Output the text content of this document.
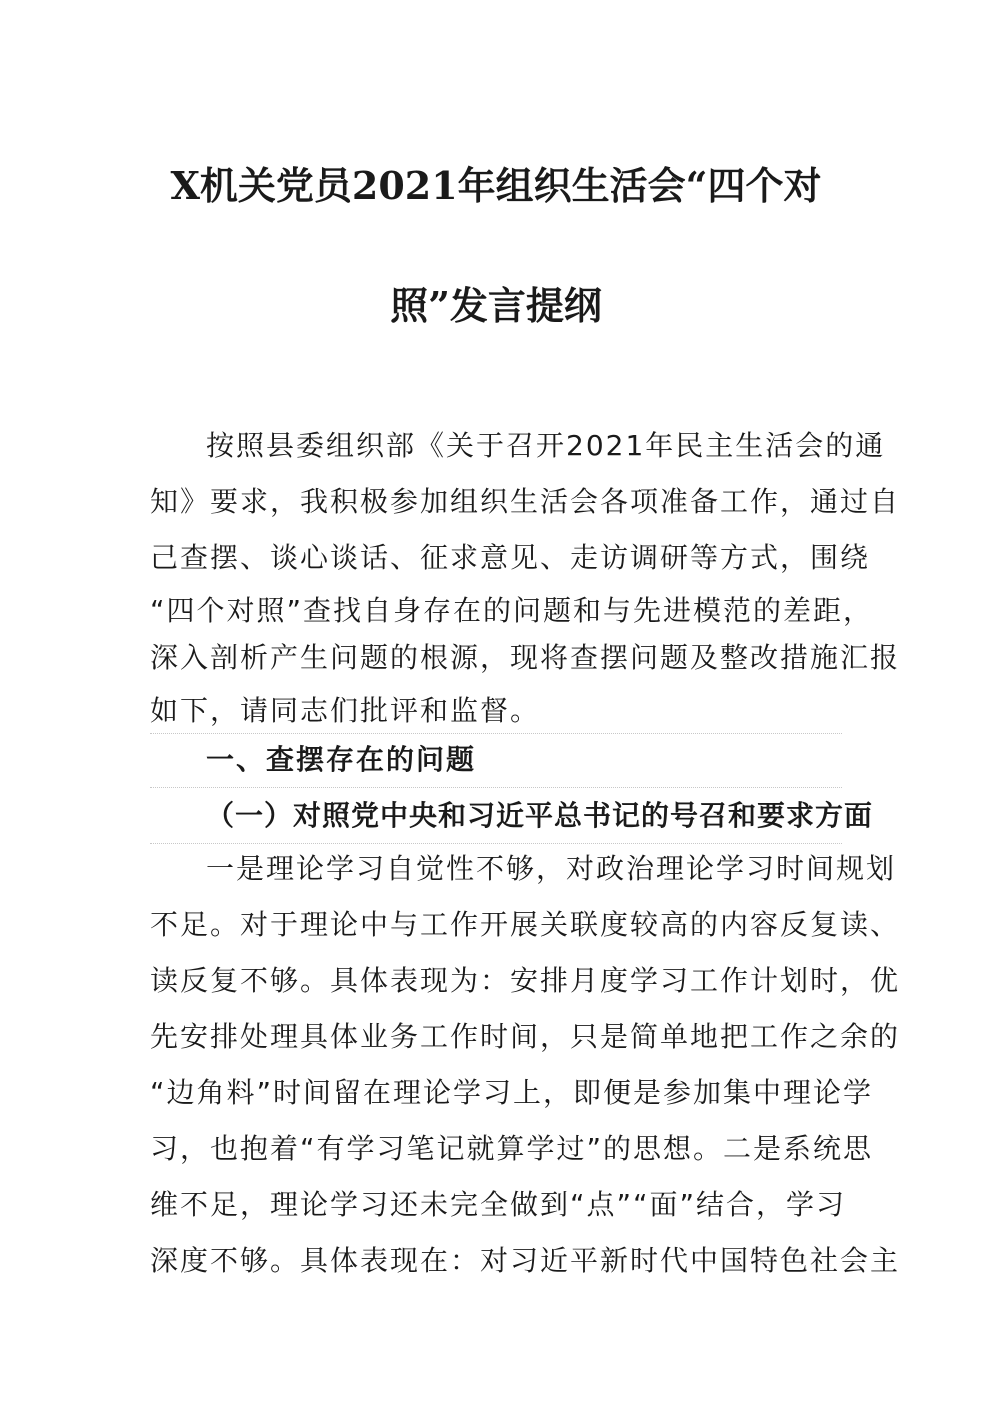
X机关党员2021年组织生活会“四个对
照”发言提纲
按照县委组织部《关于召开2021年民主生活会的通
知》要求，我积极参加组织生活会各项准备工作，通过自
己查摆、谈心谈话、征求意见、走访调研等方式，围绕
“四个对照”查找自身存在的问题和与先进模范的差距，
深入剖析产生问题的根源，现将查摆问题及整改措施汇报
如下，请同志们批评和监督。
一、查摆存在的问题
（一）对照党中央和习近平总书记的号召和要求方面
一是理论学习自觉性不够，对政治理论学习时间规划
不足。对于理论中与工作开展关联度较高的内容反复读、
读反复不够。具体表现为：安排月度学习工作计划时，优
先安排处理具体业务工作时间，只是简单地把工作之余的
“边角料”时间留在理论学习上，即便是参加集中理论学
习，也抱着“有学习笔记就算学过”的思想。二是系统思
维不足，理论学习还未完全做到“点”“面”结合，学习
深度不够。具体表现在：对习近平新时代中国特色社会主
